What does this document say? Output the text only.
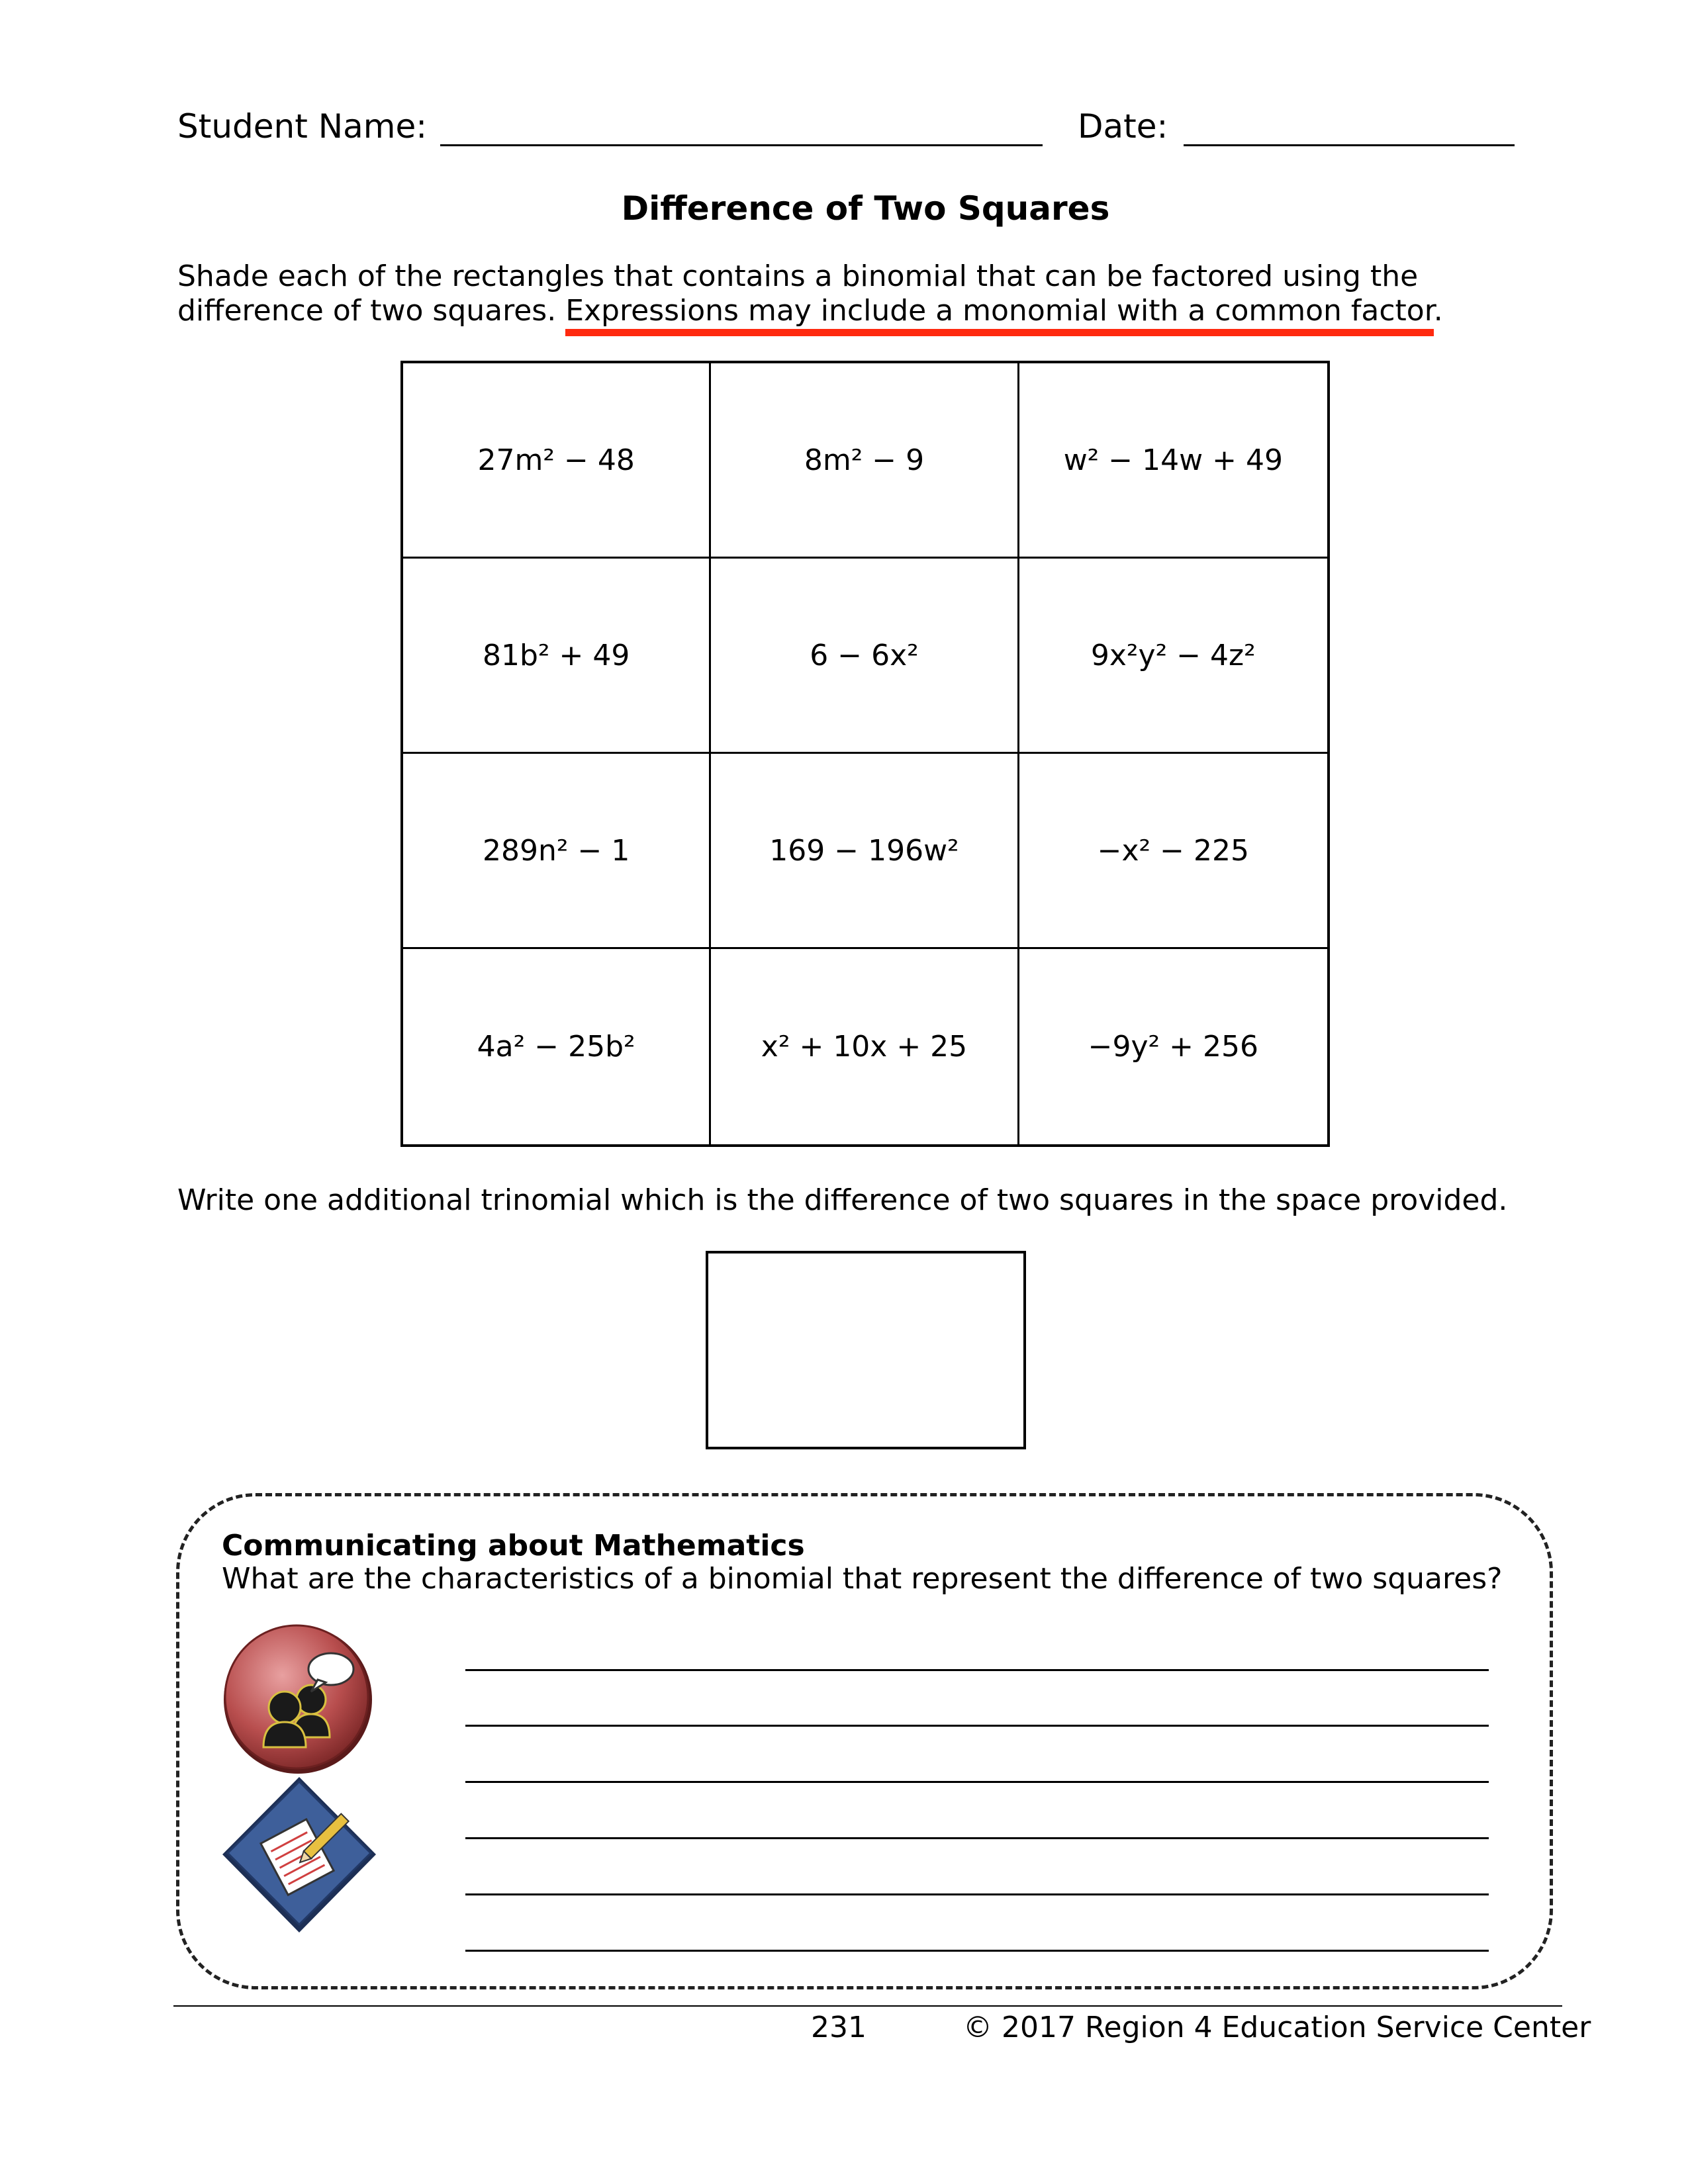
Student Name:	Date:
Difference of Two Squares
Shade each of the rectangles that contains a binomial that can be factored using the difference of two squares. Expressions may include a monomial with a common factor.
27m² − 48	8m² − 9	w² − 14w + 49
81b² + 49	6 − 6x²	9x²y² − 4z²
289n² − 1	169 − 196w²	−x² − 225
4a² − 25b²	x² + 10x + 25	−9y² + 256
Write one additional trinomial which is the difference of two squares in the space provided.
Communicating about Mathematics
What are the characteristics of a binomial that represent the difference of two squares?
231	© 2017 Region 4 Education Service Center
